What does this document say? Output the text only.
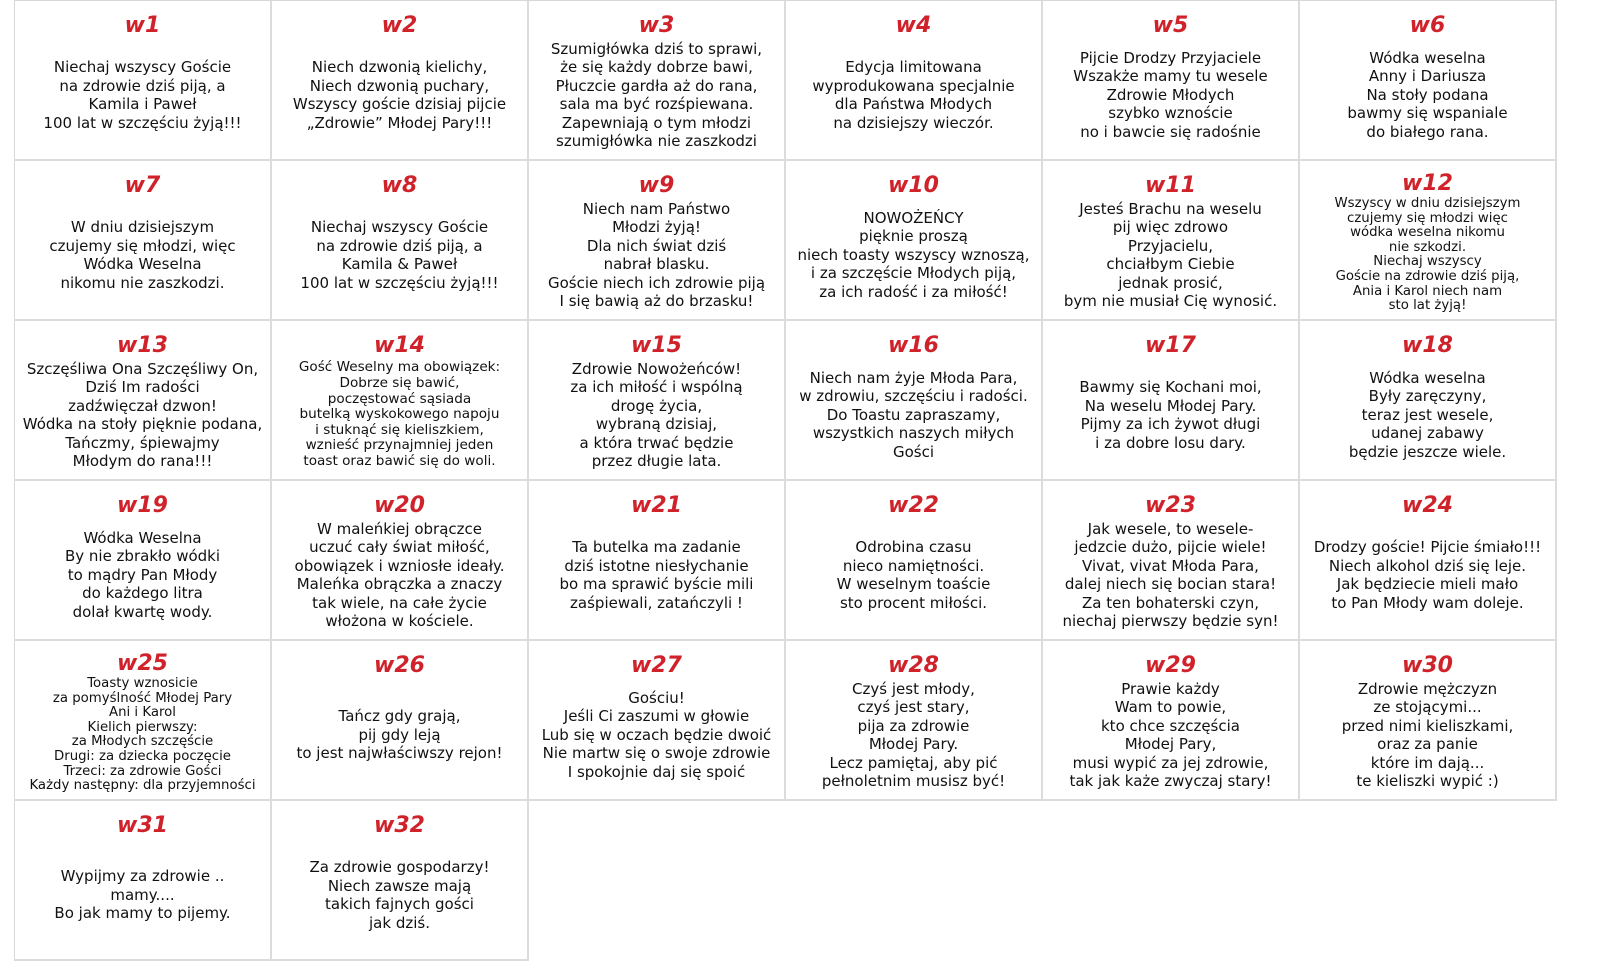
w1
Niechaj wszyscy Goście
na zdrowie dziś piją, a
Kamila i Paweł
100 lat w szczęściu żyją!!!
w2
Niech dzwonią kielichy,
Niech dzwonią puchary,
Wszyscy goście dzisiaj pijcie
„Zdrowie” Młodej Pary!!!
w3
Szumigłówka dziś to sprawi,
że się każdy dobrze bawi,
Płuczcie gardła aż do rana,
sala ma być rozśpiewana.
Zapewniają o tym młodzi
szumigłówka nie zaszkodzi
w4
Edycja limitowana
wyprodukowana specjalnie
dla Państwa Młodych
na dzisiejszy wieczór.
w5
Pijcie Drodzy Przyjaciele
Wszakże mamy tu wesele
Zdrowie Młodych
szybko wznoście
no i bawcie się radośnie
w6
Wódka weselna
Anny i Dariusza
Na stoły podana
bawmy się wspaniale
do białego rana.
w7
W dniu dzisiejszym
czujemy się młodzi, więc
Wódka Weselna
nikomu nie zaszkodzi.
w8
Niechaj wszyscy Goście
na zdrowie dziś piją, a
Kamila & Paweł
100 lat w szczęściu żyją!!!
w9
Niech nam Państwo
Młodzi żyją!
Dla nich świat dziś
nabrał blasku.
Goście niech ich zdrowie piją
I się bawią aż do brzasku!
w10
NOWOŻEŃCY
pięknie proszą
niech toasty wszyscy wznoszą,
i za szczęście Młodych piją,
za ich radość i za miłość!
w11
Jesteś Brachu na weselu
pij więc zdrowo
Przyjacielu,
chciałbym Ciebie
jednak prosić,
bym nie musiał Cię wynosić.
w12
Wszyscy w dniu dzisiejszym
czujemy się młodzi więc
wódka weselna nikomu
nie szkodzi.
Niechaj wszyscy
Goście na zdrowie dziś piją,
Ania i Karol niech nam
sto lat żyją!
w13
Szczęśliwa Ona Szczęśliwy On,
Dziś Im radości
zadźwięczał dzwon!
Wódka na stoły pięknie podana,
Tańczmy, śpiewajmy
Młodym do rana!!!
w14
Gość Weselny ma obowiązek:
Dobrze się bawić,
poczęstować sąsiada
butelką wyskokowego napoju
i stuknąć się kieliszkiem,
wznieść przynajmniej jeden
toast oraz bawić się do woli.
w15
Zdrowie Nowożeńców!
za ich miłość i wspólną
drogę życia,
wybraną dzisiaj,
a która trwać będzie
przez długie lata.
w16
Niech nam żyje Młoda Para,
w zdrowiu, szczęściu i radości.
Do Toastu zapraszamy,
wszystkich naszych miłych
Gości
w17
Bawmy się Kochani moi,
Na weselu Młodej Pary.
Pijmy za ich żywot długi
i za dobre losu dary.
w18
Wódka weselna
Były zaręczyny,
teraz jest wesele,
udanej zabawy
będzie jeszcze wiele.
w19
Wódka Weselna
By nie zbrakło wódki
to mądry Pan Młody
do każdego litra
dolał kwartę wody.
w20
W maleńkiej obrączce
uczuć cały świat miłość,
obowiązek i wzniosłe ideały.
Maleńka obrączka a znaczy
tak wiele, na całe życie
włożona w kościele.
w21
Ta butelka ma zadanie
dziś istotne niesłychanie
bo ma sprawić byście mili
zaśpiewali, zatańczyli !
w22
Odrobina czasu
nieco namiętności.
W weselnym toaście
sto procent miłości.
w23
Jak wesele, to wesele-
jedzcie dużo, pijcie wiele!
Vivat, vivat Młoda Para,
dalej niech się bocian stara!
Za ten bohaterski czyn,
niechaj pierwszy będzie syn!
w24
Drodzy goście! Pijcie śmiało!!!
Niech alkohol dziś się leje.
Jak będziecie mieli mało
to Pan Młody wam doleje.
w25
Toasty wznosicie
za pomyślność Młodej Pary
Ani i Karol
Kielich pierwszy:
za Młodych szczęście
Drugi: za dziecka poczęcie
Trzeci: za zdrowie Gości
Każdy następny: dla przyjemności
w26
Tańcz gdy grają,
pij gdy leją
to jest najwłaściwszy rejon!
w27
Gościu!
Jeśli Ci zaszumi w głowie
Lub się w oczach będzie dwoić
Nie martw się o swoje zdrowie
I spokojnie daj się spoić
w28
Czyś jest młody,
czyś jest stary,
pija za zdrowie
Młodej Pary.
Lecz pamiętaj, aby pić
pełnoletnim musisz być!
w29
Prawie każdy
Wam to powie,
kto chce szczęścia
Młodej Pary,
musi wypić za jej zdrowie,
tak jak każe zwyczaj stary!
w30
Zdrowie mężczyzn
ze stojącymi...
przed nimi kieliszkami,
oraz za panie
które im dają...
te kieliszki wypić :)
w31
Wypijmy za zdrowie ..
mamy....
Bo jak mamy to pijemy.
w32
Za zdrowie gospodarzy!
Niech zawsze mają
takich fajnych gości
jak dziś.
